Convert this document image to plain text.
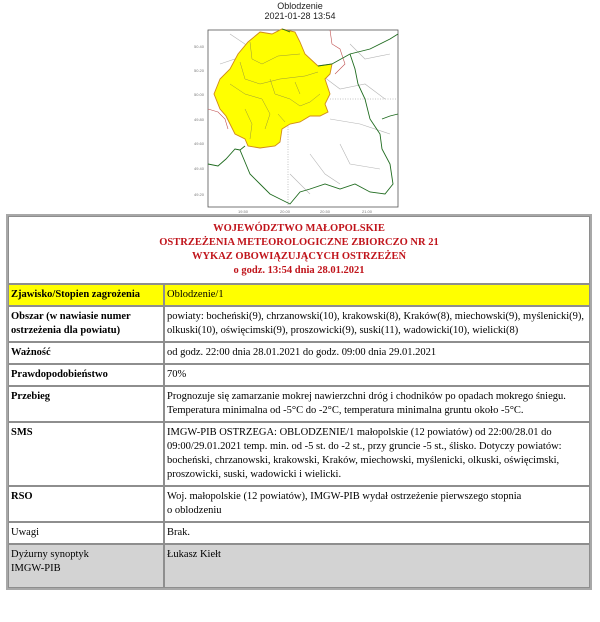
Oblodzenie
2021-01-28 13:54
50.40
50.20
50.00
49.80
49.60
49.40
49.20
19.50	20.00	20.50	21.00
WOJEWÓDZTWO MAŁOPOLSKIE
OSTRZEŻENIA METEOROLOGICZNE ZBIORCZO NR 21
WYKAZ OBOWIĄZUJĄCYCH OSTRZEŻEŃ
o godz. 13:54 dnia 28.01.2021	

Zjawisko/Stopien zagrożenia	Oblodzenie/1
Obszar (w nawiasie numer ostrzeżenia dla powiatu)	powiaty: bocheński(9), chrzanowski(10), krakowski(8), Kraków(8), miechowski(9), myślenicki(9), olkuski(10), oświęcimski(9), proszowicki(9), suski(11), wadowicki(10), wielicki(8)
Ważność	od godz. 22:00 dnia 28.01.2021 do godz. 09:00 dnia 29.01.2021
Prawdopodobieństwo	70%
Przebieg	Prognozuje się zamarzanie mokrej nawierzchni dróg i chodników po opadach mokrego śniegu. Temperatura minimalna od -5°C do -2°C, temperatura minimalna gruntu około -5°C.
SMS	IMGW-PIB OSTRZEGA: OBLODZENIE/1 małopolskie (12 powiatów) od 22:00/28.01 do 09:00/29.01.2021 temp. min. od -5 st. do -2 st., przy gruncie -5 st., ślisko. Dotyczy powiatów: bocheński, chrzanowski, krakowski, Kraków, miechowski, myślenicki, olkuski, oświęcimski, proszowicki, suski, wadowicki i wielicki.
RSO	Woj. małopolskie (12 powiatów), IMGW-PIB wydał ostrzeżenie pierwszego stopnia
o oblodzeniu

Uwagi	Brak.

Dyżurny synoptyk
IMGW-PIB	Łukasz Kiełt
